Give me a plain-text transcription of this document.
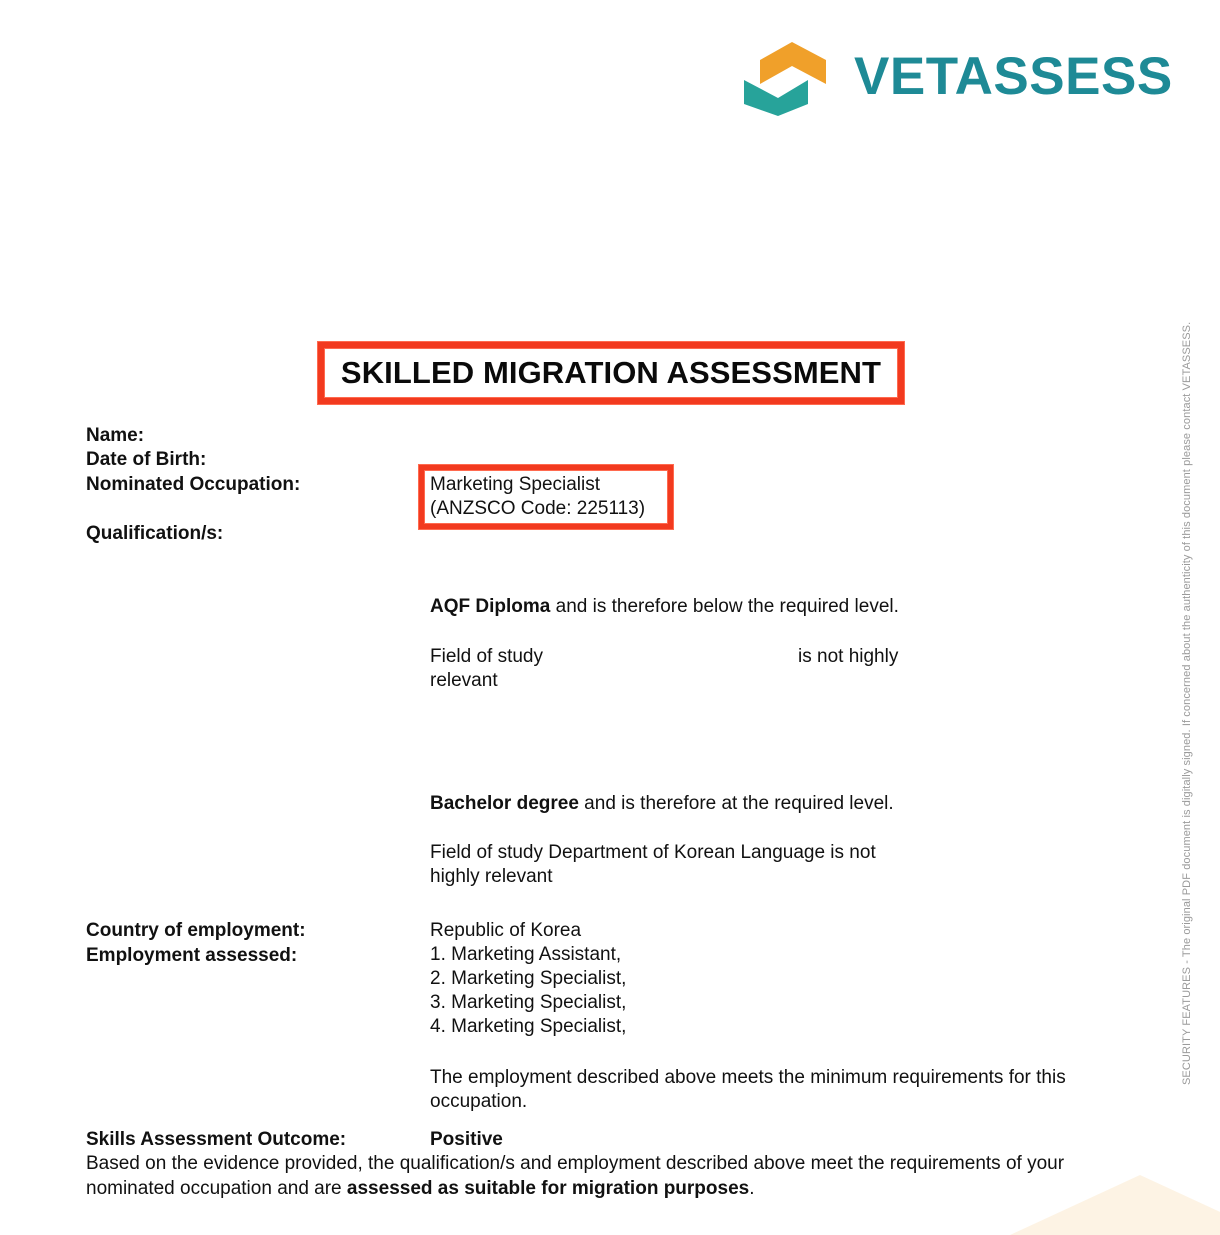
VETASSESS
SKILLED MIGRATION ASSESSMENT
Name:
Date of Birth:
Nominated Occupation:
Qualification/s:
Marketing Specialist
(ANZSCO Code: 225113)
AQF Diploma and is therefore below the required level.
Field of study	is not highly
relevant
Bachelor degree and is therefore at the required level.
Field of study Department of Korean Language is not
highly relevant
Country of employment:
Employment assessed:
Republic of Korea
1. Marketing Assistant,
2. Marketing Specialist,
3. Marketing Specialist,
4. Marketing Specialist,
The employment described above meets the minimum requirements for this
occupation.
Skills Assessment Outcome:	Positive
Based on the evidence provided, the qualification/s and employment described above meet the requirements of your
nominated occupation and are assessed as suitable for migration purposes.
SECURITY FEATURES - The original PDF document is digitally signed. If concerned about the authenticity of this document please contact VETASSESS.
